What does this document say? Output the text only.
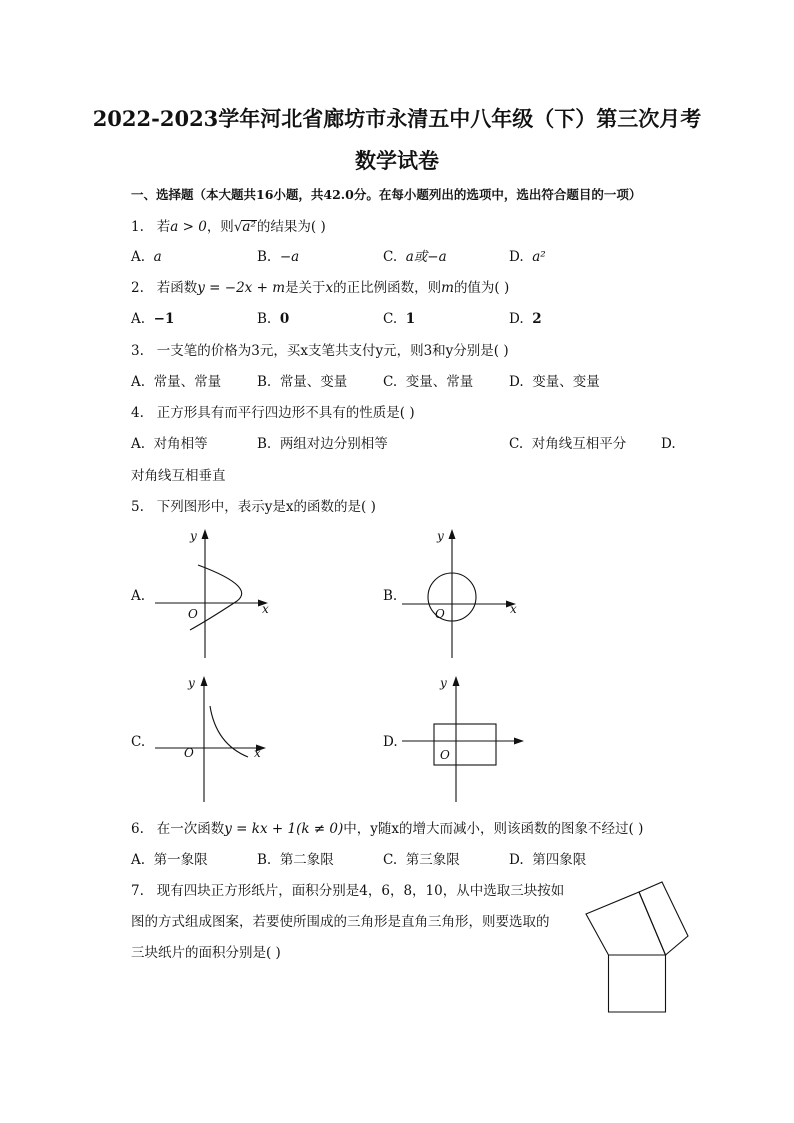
2022-2023学年河北省廊坊市永清五中八年级（下）第三次月考
数学试卷
一、选择题（本大题共16小题，共42.0分。在每小题列出的选项中，选出符合题目的一项）
1. 若a > 0，则√a²的结果为( )
A. a	B. −a	C. a或−a	D. a²
2. 若函数y = −2x + m是关于x的正比例函数，则m的值为( )
A. −1	B. 0	C. 1	D. 2
3. 一支笔的价格为3元，买x支笔共支付y元，则3和y分别是( )
A. 常量、常量	B. 常量、变量	C. 变量、常量	D. 变量、变量
4. 正方形具有而平行四边形不具有的性质是( )
A. 对角相等	B. 两组对边分别相等	C. 对角线互相平分	D.
对角线互相垂直
5. 下列图形中，表示y是x的函数的是( )
A.
y
x
O
B.
y
x
O
C.
y
x
O
D.
y
O
6. 在一次函数y = kx + 1(k ≠ 0)中，y随x的增大而减小，则该函数的图象不经过( )
A. 第一象限	B. 第二象限	C. 第三象限	D. 第四象限
7. 现有四块正方形纸片，面积分别是4，6，8，10，从中选取三块按如
图的方式组成图案，若要使所围成的三角形是直角三角形，则要选取的
三块纸片的面积分别是( )
